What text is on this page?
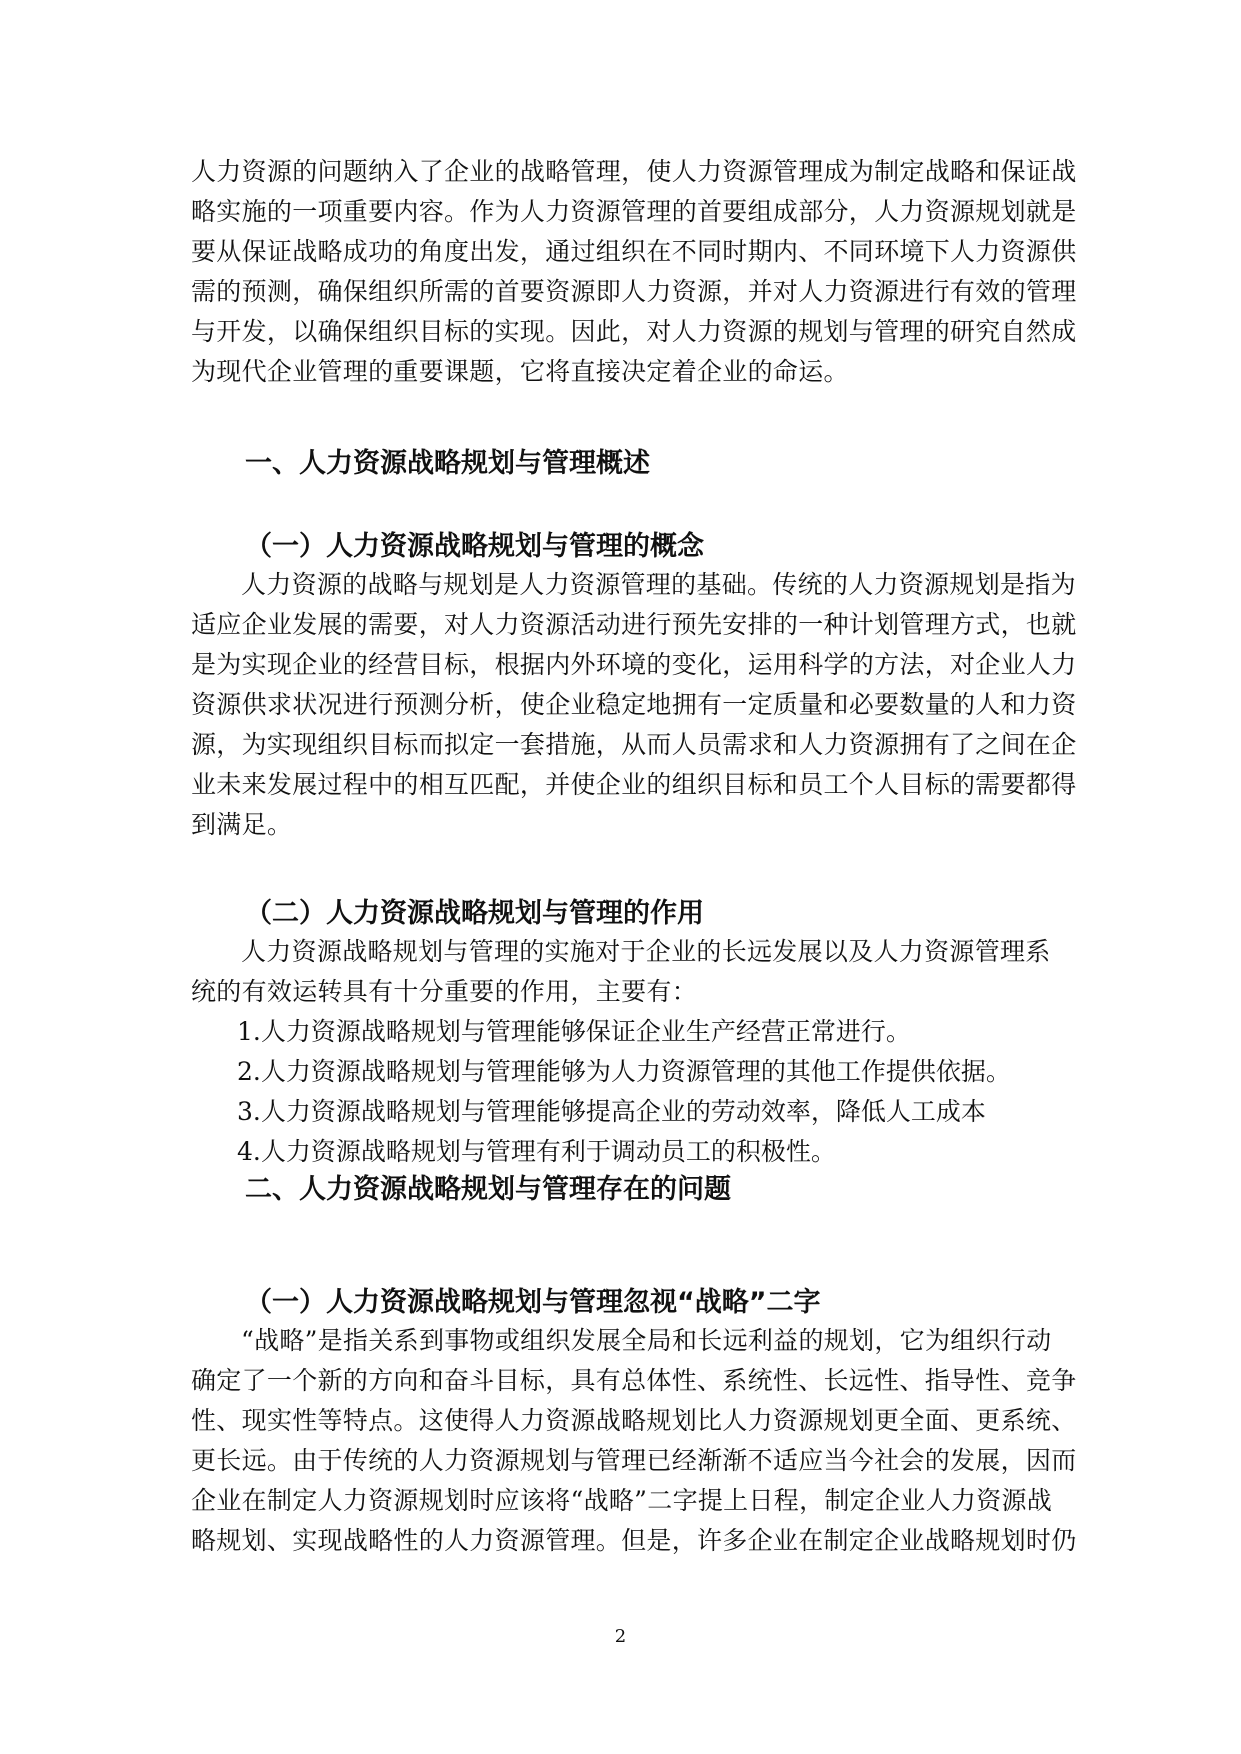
人力资源的问题纳入了企业的战略管理，使人力资源管理成为制定战略和保证战
略实施的一项重要内容。作为人力资源管理的首要组成部分，人力资源规划就是
要从保证战略成功的角度出发，通过组织在不同时期内、不同环境下人力资源供
需的预测，确保组织所需的首要资源即人力资源，并对人力资源进行有效的管理
与开发，以确保组织目标的实现。因此，对人力资源的规划与管理的研究自然成
为现代企业管理的重要课题，它将直接决定着企业的命运。
一、人力资源战略规划与管理概述
（一）人力资源战略规划与管理的概念
人力资源的战略与规划是人力资源管理的基础。传统的人力资源规划是指为
适应企业发展的需要，对人力资源活动进行预先安排的一种计划管理方式，也就
是为实现企业的经营目标，根据内外环境的变化，运用科学的方法，对企业人力
资源供求状况进行预测分析，使企业稳定地拥有一定质量和必要数量的人和力资
源，为实现组织目标而拟定一套措施，从而人员需求和人力资源拥有了之间在企
业未来发展过程中的相互匹配，并使企业的组织目标和员工个人目标的需要都得
到满足。
（二）人力资源战略规划与管理的作用
人力资源战略规划与管理的实施对于企业的长远发展以及人力资源管理系
统的有效运转具有十分重要的作用，主要有：
1.人力资源战略规划与管理能够保证企业生产经营正常进行。
2.人力资源战略规划与管理能够为人力资源管理的其他工作提供依据。
3.人力资源战略规划与管理能够提高企业的劳动效率，降低人工成本
4.人力资源战略规划与管理有利于调动员工的积极性。
二、人力资源战略规划与管理存在的问题
（一）人力资源战略规划与管理忽视“战略”二字
“战略”是指关系到事物或组织发展全局和长远利益的规划，它为组织行动
确定了一个新的方向和奋斗目标，具有总体性、系统性、长远性、指导性、竞争
性、现实性等特点。这使得人力资源战略规划比人力资源规划更全面、更系统、
更长远。由于传统的人力资源规划与管理已经渐渐不适应当今社会的发展，因而
企业在制定人力资源规划时应该将“战略”二字提上日程，制定企业人力资源战
略规划、实现战略性的人力资源管理。但是，许多企业在制定企业战略规划时仍
2
